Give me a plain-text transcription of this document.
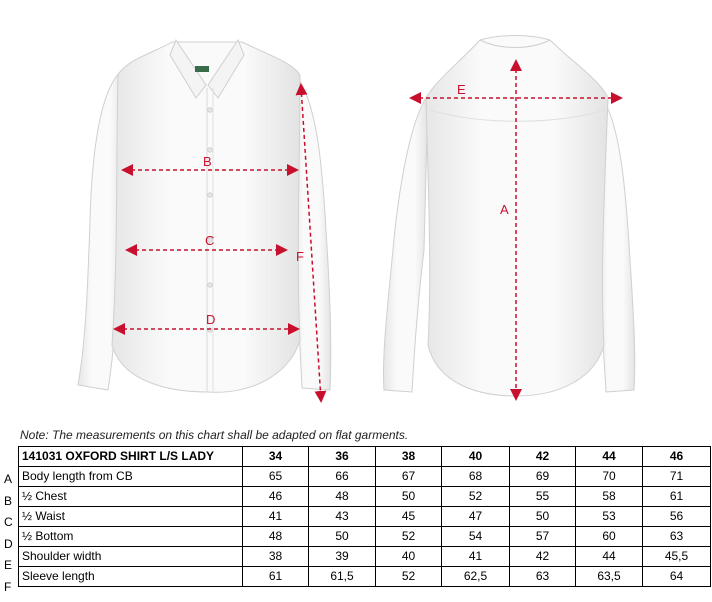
B
C
D
F
E
A
Note: The measurements on this chart shall be adapted on flat garments.
A
B
C
D
E
F
141031 OXFORD SHIRT L/S LADY	34	36	38	40	42	44	46
Body length from CB	65	66	67	68	69	70	71
½ Chest	46	48	50	52	55	58	61
½ Waist	41	43	45	47	50	53	56
½ Bottom	48	50	52	54	57	60	63
Shoulder width	38	39	40	41	42	44	45,5
Sleeve length	61	61,5	52	62,5	63	63,5	64
